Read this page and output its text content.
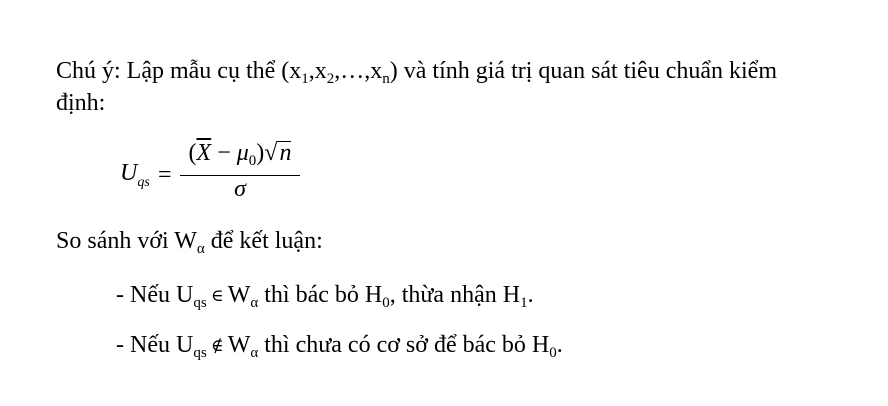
Chú ý: Lập mẫu cụ thể $(x_1,x_2,\dots,x_n)$ và tính giá trị quan sát tiêu chuẩn kiểm
định:
$U_{qs}$ =
$(\overline{X} - \mu_0)√n$
σ
So sánh với $W_\alpha$ để kết luận:
- Nếu $U_{qs}$ ∈ $W_\alpha$ thì bác bỏ $H_0$, thừa nhận $H_1$.
- Nếu $U_{qs}$ ∉ $W_\alpha$ thì chưa có cơ sở để bác bỏ $H_0$.
